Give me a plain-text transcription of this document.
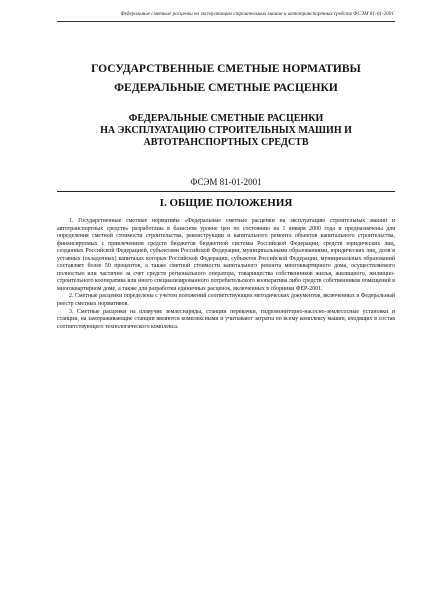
Федеральные сметные расценки на эксплуатацию строительных машин и автотранспортных средств ФСЭМ 81-01-2001
ГОСУДАРСТВЕННЫЕ СМЕТНЫЕ НОРМАТИВЫ
ФЕДЕРАЛЬНЫЕ СМЕТНЫЕ РАСЦЕНКИ
ФЕДЕРАЛЬНЫЕ СМЕТНЫЕ РАСЦЕНКИ
НА ЭКСПЛУАТАЦИЮ СТРОИТЕЛЬНЫХ МАШИН И
АВТОТРАНСПОРТНЫХ СРЕДСТВ
ФСЭМ 81-01-2001
I. ОБЩИЕ ПОЛОЖЕНИЯ

1. Государственные сметные нормативы «Федеральные сметные расценки на эксплуатацию строительных машин и автотранспортных средств» разработаны в базисном уровне цен по состоянию на 1 января 2000 года и предназначены для определения сметной стоимости строительства, реконструкции и капитального ремонта объектов капитального строительства, финансируемых с привлечением средств бюджетов бюджетной системы Российской Федерации, средств юридических лиц, созданных Российской Федерацией, субъектами Российской Федерации, муниципальными образованиями, юридических лиц, доля в уставных (складочных) капиталах которых Российской Федерации, субъектов Российской Федерации, муниципальных образований составляет более 50 процентов, а также сметной стоимости капитального ремонта многоквартирного дома, осуществляемого полностью или частично за счет средств регионального оператора, товарищества собственников жилья, жилищного, жилищно-строительного кооператива или иного специализированного потребительского кооператива либо средств собственников помещений в многоквартирном доме, а также для разработки единичных расценок, включенных в сборники ФЕР-2001.

2. Сметные расценки определены с учетом положений соответствующих методических документов, включенных в Федеральный реестр сметных нормативов.

3. Сметные расценки на плавучие землеснаряды, станции перекачки, гидромониторно-насосно-землесосные установки и станции, на замораживающие станции являются комплексными и учитывают затраты по всему комплексу машин, входящих в состав соответствующего технологического комплекса.
